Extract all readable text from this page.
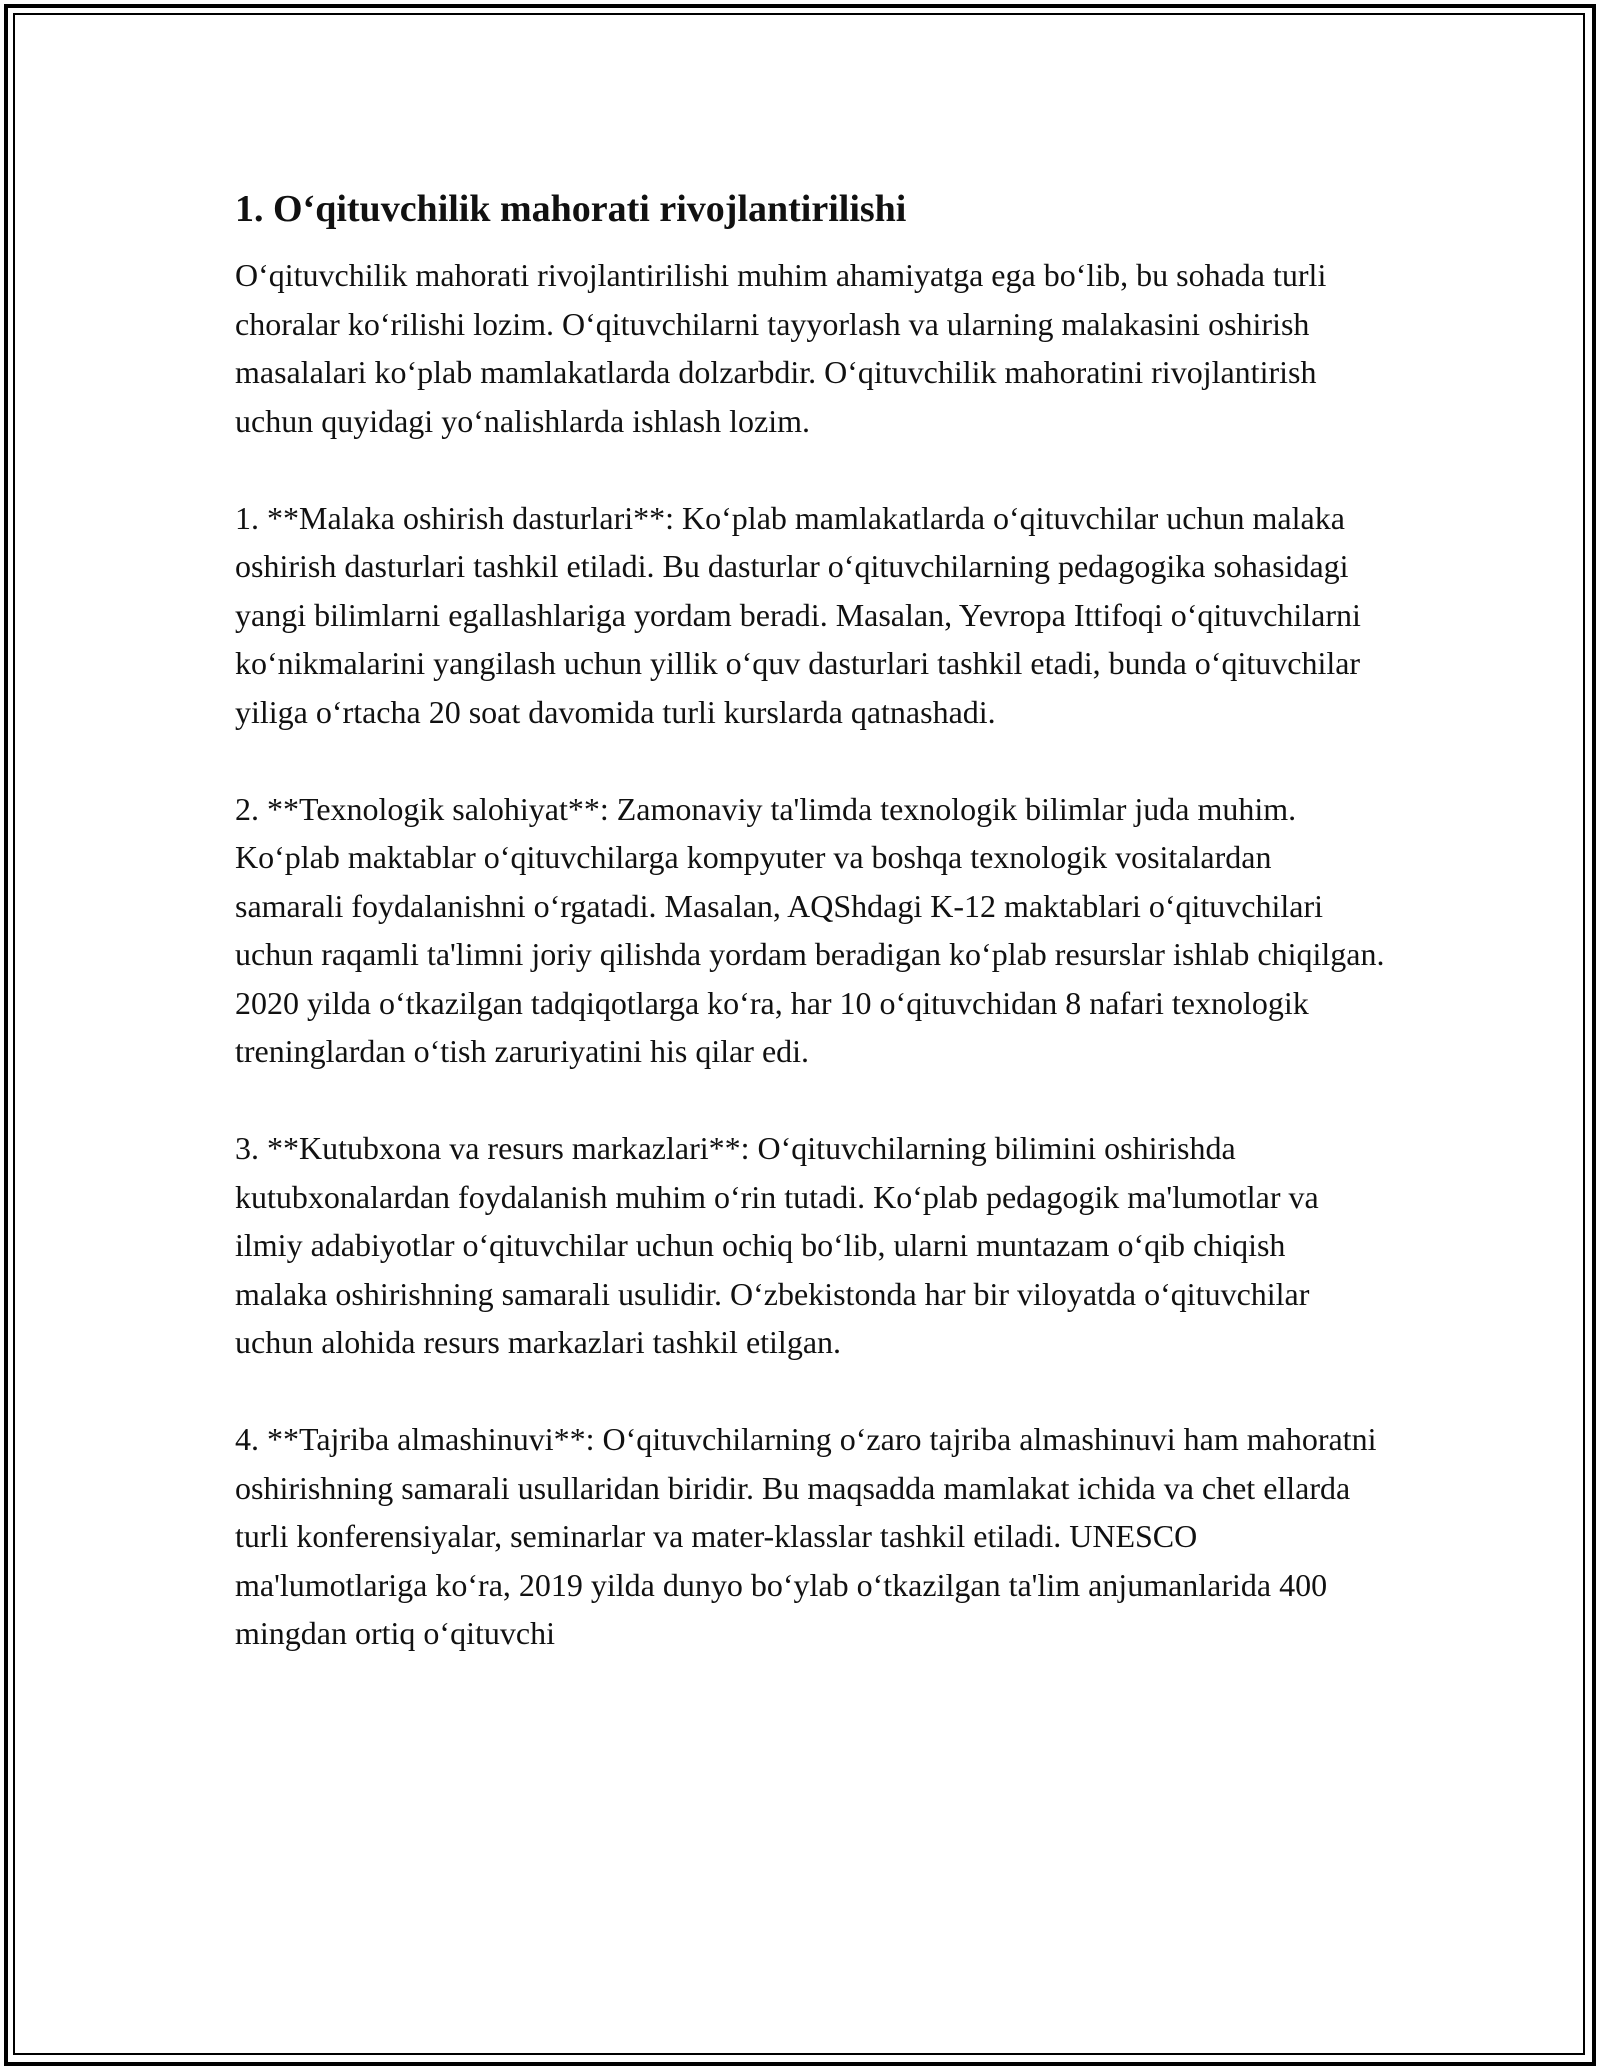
1. O‘qituvchilik mahorati rivojlantirilishi

O‘qituvchilik mahorati rivojlantirilishi muhim ahamiyatga ega bo‘lib, bu sohada turli choralar ko‘rilishi lozim. O‘qituvchilarni tayyorlash va ularning malakasini oshirish masalalari ko‘plab mamlakatlarda dolzarbdir. O‘qituvchilik mahoratini rivojlantirish uchun quyidagi yo‘nalishlarda ishlash lozim.

1. **Malaka oshirish dasturlari**: Ko‘plab mamlakatlarda o‘qituvchilar uchun malaka oshirish dasturlari tashkil etiladi. Bu dasturlar o‘qituvchilarning pedagogika sohasidagi yangi bilimlarni egallashlariga yordam beradi. Masalan, Yevropa Ittifoqi o‘qituvchilarni ko‘nikmalarini yangilash uchun yillik o‘quv dasturlari tashkil etadi, bunda o‘qituvchilar yiliga o‘rtacha 20 soat davomida turli kurslarda qatnashadi.

2. **Texnologik salohiyat**: Zamonaviy ta'limda texnologik bilimlar juda muhim. Ko‘plab maktablar o‘qituvchilarga kompyuter va boshqa texnologik vositalardan samarali foydalanishni o‘rgatadi. Masalan, AQShdagi K-12 maktablari o‘qituvchilari uchun raqamli ta'limni joriy qilishda yordam beradigan ko‘plab resurslar ishlab chiqilgan. 2020 yilda o‘tkazilgan tadqiqotlarga ko‘ra, har 10 o‘qituvchidan 8 nafari texnologik treninglardan o‘tish zaruriyatini his qilar edi.

3. **Kutubxona va resurs markazlari**: O‘qituvchilarning bilimini oshirishda kutubxonalardan foydalanish muhim o‘rin tutadi. Ko‘plab pedagogik ma'lumotlar va ilmiy adabiyotlar o‘qituvchilar uchun ochiq bo‘lib, ularni muntazam o‘qib chiqish malaka oshirishning samarali usulidir. O‘zbekistonda har bir viloyatda o‘qituvchilar uchun alohida resurs markazlari tashkil etilgan.

4. **Tajriba almashinuvi**: O‘qituvchilarning o‘zaro tajriba almashinuvi ham mahoratni oshirishning samarali usullaridan biridir. Bu maqsadda mamlakat ichida va chet ellarda turli konferensiyalar, seminarlar va mater-klasslar tashkil etiladi. UNESCO ma'lumotlariga ko‘ra, 2019 yilda dunyo bo‘ylab o‘tkazilgan ta'lim anjumanlarida 400 mingdan ortiq o‘qituvchi
